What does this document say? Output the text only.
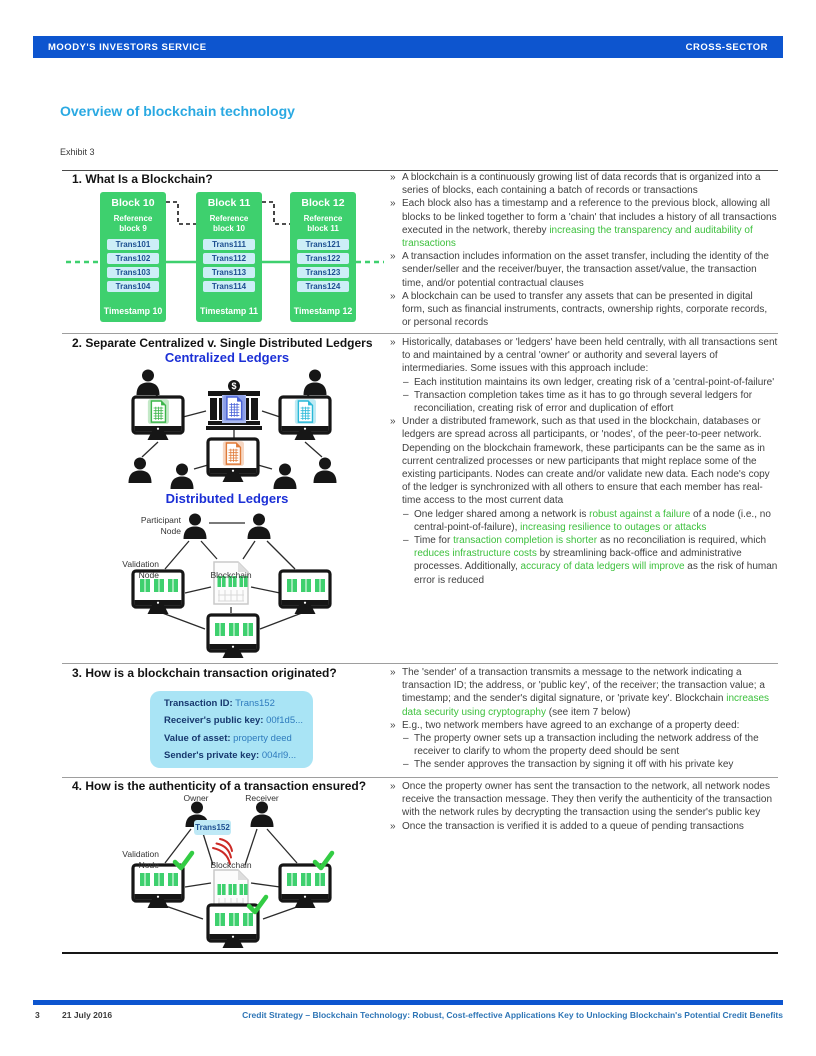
MOODY'S INVESTORS SERVICE	CROSS-SECTOR
Overview of blockchain technology
Exhibit 3
1. What Is a Blockchain?	» A blockchain is a continuously growing list of data records that is organized into a series of blocks, each containing a batch of records or transactions
» Each block also has a timestamp and a reference to the previous block, allowing all blocks to be linked together to form a 'chain' that includes a history of all transactions executed in the network, thereby increasing the transparency and auditability of transactions
» A transaction includes information on the asset transfer, including the identity of the sender/seller and the receiver/buyer, the transaction asset/value, the transaction time, and/or potential contractual clauses
» A blockchain can be used to transfer any assets that can be presented in digital form, such as financial instruments, contracts, ownership rights, corporate records, or personal records
Block 10
Reference block 9
Trans101
Trans102
Trans103
Trans104
Timestamp 10
Block 11
Reference block 10
Trans111
Trans112
Trans113
Trans114
Timestamp 11
Block 12
Reference block 11
Trans121
Trans122
Trans123
Trans124
Timestamp 12
2. Separate Centralized v. Single Distributed Ledgers	» Historically, databases or 'ledgers' have been held centrally, with all transactions sent to and maintained by a central 'owner' or authority and several layers of intermediaries. Some issues with this approach include:
– Each institution maintains its own ledger, creating risk of a 'central-point-of-failure'
– Transaction completion takes time as it has to go through several ledgers for reconciliation, creating risk of error and duplication of effort
» Under a distributed framework, such as that used in the blockchain, databases or ledgers are spread across all participants, or 'nodes', of the peer-to-peer network. Depending on the blockchain framework, these participants can be the same as in current centralized processes or new participants that might replace some of the existing participants. Nodes can create and/or validate new data. Each node's copy of the ledger is synchronized with all others to ensure that each member has real-time access to the most current data
– One ledger shared among a network is robust against a failure of a node (i.e., no central-point-of-failure), increasing resilience to outages or attacks
– Time for transaction completion is shorter as no reconciliation is required, which reduces infrastructure costs by streamlining back-office and administrative processes. Additionally, accuracy of data ledgers will improve as the risk of human error is reduced
Centralized Ledgers
Distributed Ledgers
Participant Node
Validation Node	Blockchain
3. How is a blockchain transaction originated?	» The 'sender' of a transaction transmits a message to the network indicating a transaction ID; the address, or 'public key', of the receiver; the transaction value; a timestamp; and the sender's digital signature, or 'private key'. Blockchain increases data security using cryptography (see item 7 below)
» E.g., two network members have agreed to an exchange of a property deed:
– The property owner sets up a transaction including the network address of the receiver to clarify to whom the property deed should be sent
– The sender approves the transaction by signing it off with his private key
Transaction ID: Trans152
Receiver's public key: 00f1d5...
Value of asset: property deed
Sender's private key: 004rl9...
4. How is the authenticity of a transaction ensured?	» Once the property owner has sent the transaction to the network, all network nodes receive the transaction message. They then verify the authenticity of the transaction with the network rules by decrypting the transaction using the sender's public key
» Once the transaction is verified it is added to a queue of pending transactions
Owner	Receiver
Validation Node	Blockchain
Trans152
3	21 July 2016	Credit Strategy – Blockchain Technology: Robust, Cost-effective Applications Key to Unlocking Blockchain's Potential Credit Benefits
